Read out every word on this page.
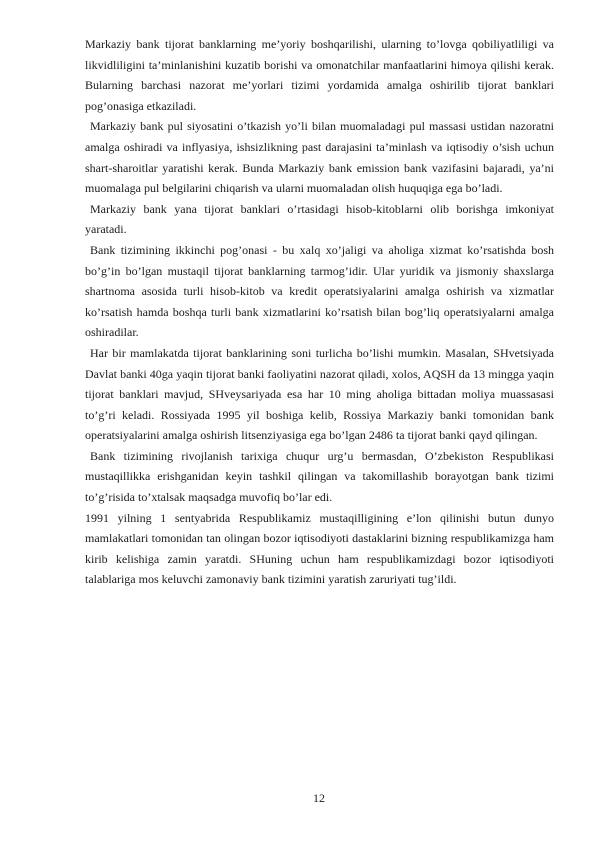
Markaziy bank tijorat banklarning me’yoriy boshqarilishi, ularning to’lovga qobiliyatliligi va likvidliligini ta’minlanishini kuzatib borishi va omonatchilar manfaatlarini himoya qilishi kerak. Bularning barchasi nazorat me’yorlari tizimi yordamida amalga oshirilib tijorat banklari pog’onasiga etkaziladi.

Markaziy bank pul siyosatini o’tkazish yo’li bilan muomaladagi pul massasi ustidan nazoratni amalga oshiradi va inflyasiya, ishsizlikning past darajasini ta’minlash va iqtisodiy o’sish uchun shart-sharoitlar yaratishi kerak. Bunda Markaziy bank emission bank vazifasini bajaradi, ya’ni muomalaga pul belgilarini chiqarish va ularni muomaladan olish huquqiga ega bo’ladi.

Markaziy bank yana tijorat banklari o’rtasidagi hisob-kitoblarni olib borishga imkoniyat yaratadi.

Bank tizimining ikkinchi pog’onasi - bu xalq xo’jaligi va aholiga xizmat ko’rsatishda bosh bo’g’in bo’lgan mustaqil tijorat banklarning tarmog’idir. Ular yuridik va jismoniy shaxslarga shartnoma asosida turli hisob-kitob va kredit operatsiyalarini amalga oshirish va xizmatlar ko’rsatish hamda boshqa turli bank xizmatlarini ko’rsatish bilan bog’liq operatsiyalarni amalga oshiradilar.

Har bir mamlakatda tijorat banklarining soni turlicha bo’lishi mumkin. Masalan, SHvetsiyada Davlat banki 40ga yaqin tijorat banki faoliyatini nazorat qiladi, xolos, AQSH da 13 mingga yaqin tijorat banklari mavjud, SHveysariyada esa har 10 ming aholiga bittadan moliya muassasasi to’g’ri keladi. Rossiyada 1995 yil boshiga kelib, Rossiya Markaziy banki tomonidan bank operatsiyalarini amalga oshirish litsenziyasiga ega bo’lgan 2486 ta tijorat banki qayd qilingan.

Bank tizimining rivojlanish tarixiga chuqur urg’u bermasdan, O’zbekiston Respublikasi mustaqillikka erishganidan keyin tashkil qilingan va takomillashib borayotgan bank tizimi to’g’risida to’xtalsak maqsadga muvofiq bo’lar edi.

1991 yilning 1 sentyabrida Respublikamiz mustaqilligining e’lon qilinishi butun dunyo mamlakatlari tomonidan tan olingan bozor iqtisodiyoti dastaklarini bizning respublikamizga ham kirib kelishiga zamin yaratdi. SHuning uchun ham respublikamizdagi bozor iqtisodiyoti talablariga mos keluvchi zamonaviy bank tizimini yaratish zaruriyati tug’ildi.

12
